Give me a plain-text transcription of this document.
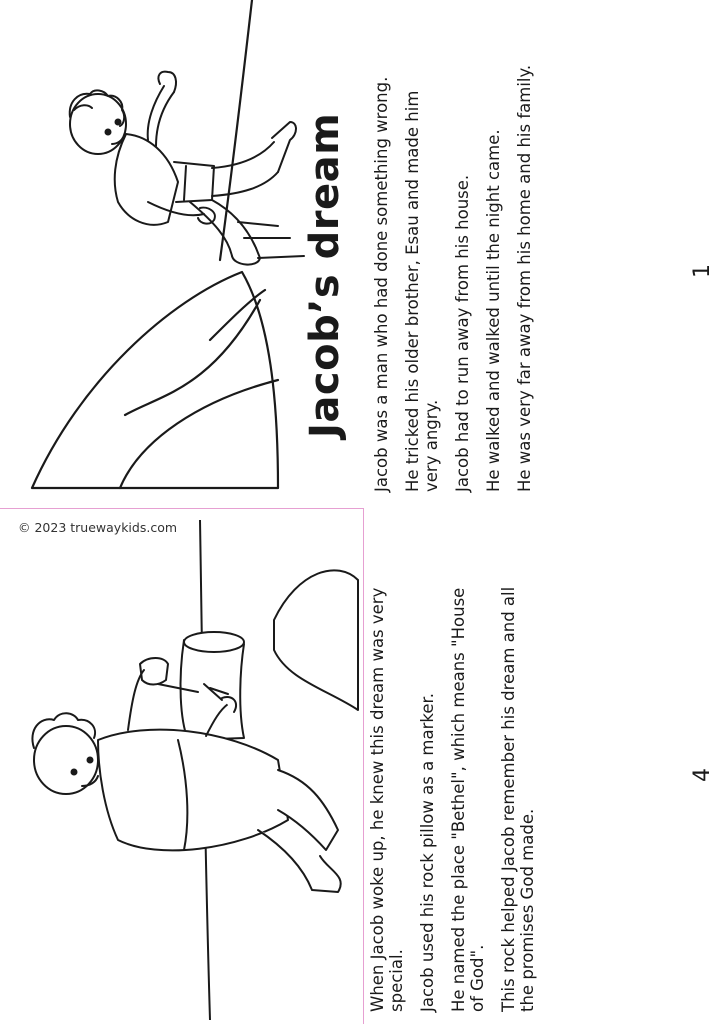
Jacob’s dream Jacob was a man who had done something wrong. He tricked his older brother, Esau and made him very angry. Jacob had to run away from his house. He walked and walked until the night came. He was very far away from his home and his family.	1
© 2023 truewaykids.com

When Jacob woke up, he knew this dream was very special. Jacob used his rock pillow as a marker. He named the place "Bethel", which means "House of God". This rock helped Jacob remember his dream and all the promises God made.

4
